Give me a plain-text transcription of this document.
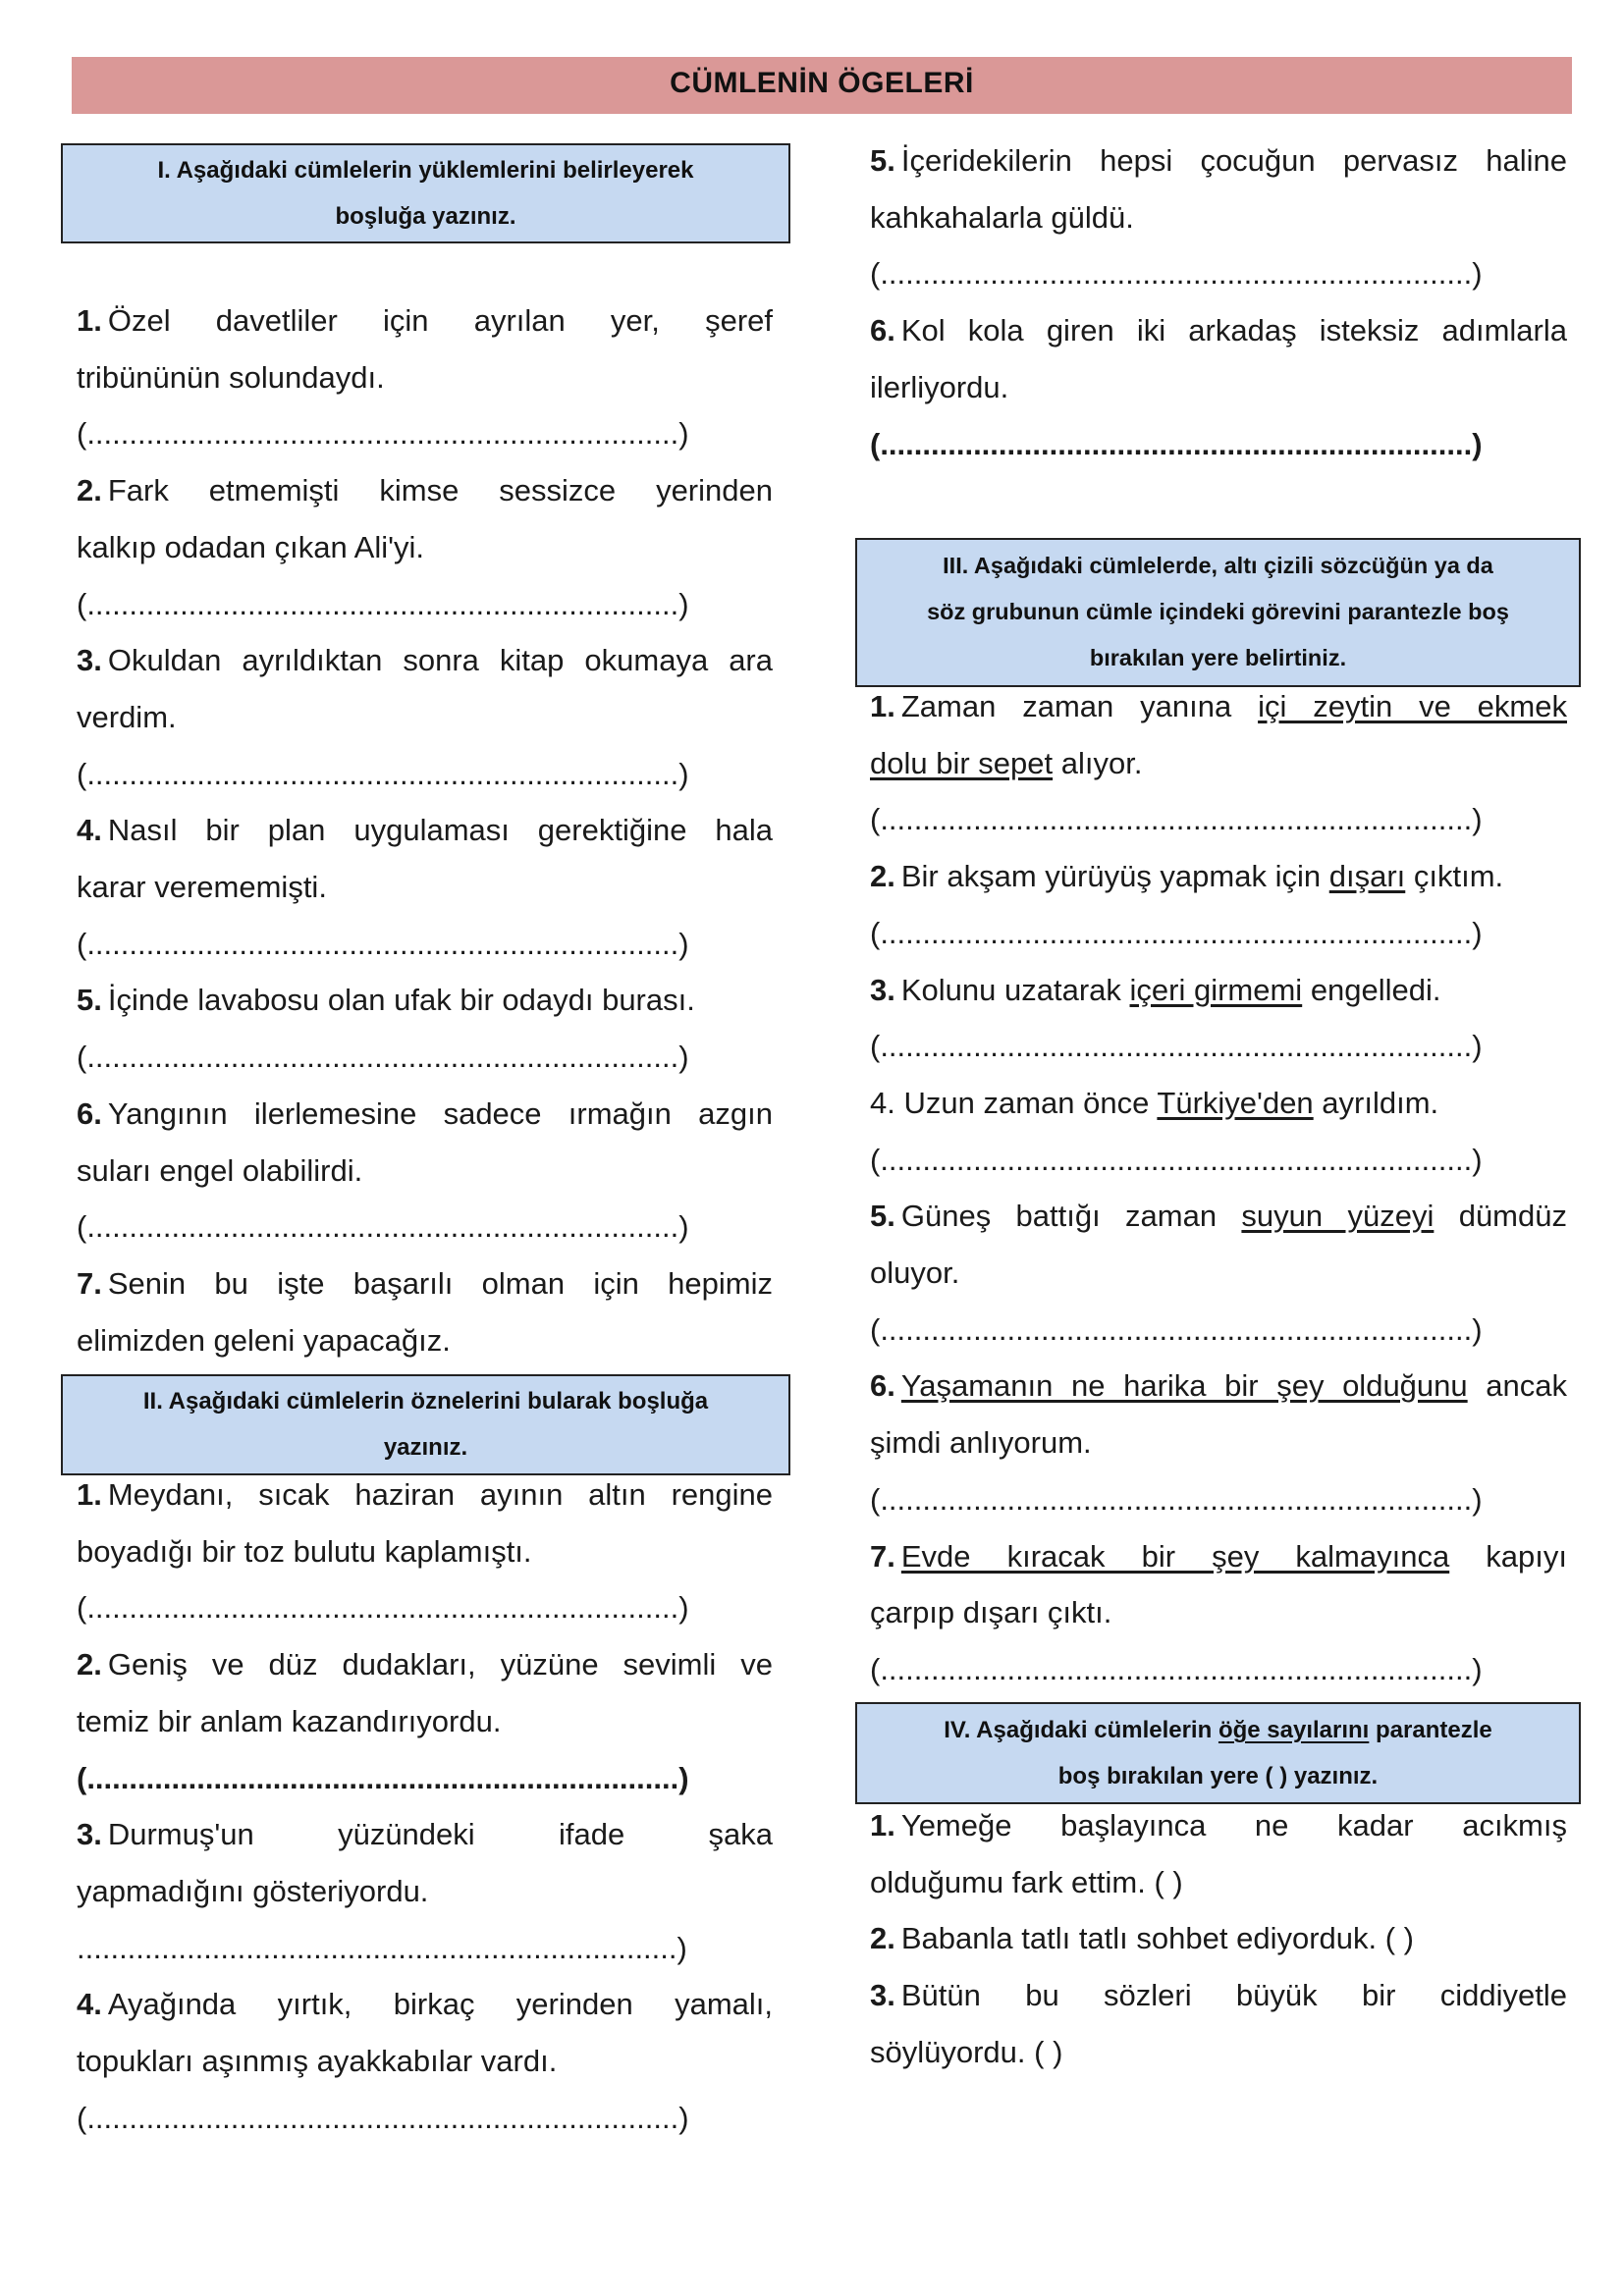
CÜMLENİN ÖGELERİ
I. Aşağıdaki cümlelerin yüklemlerini belirleyerek
boşluğa yazınız.

1. Özel davetliler için ayrılan yer, şeref

tribününün solundaydı.

(......................................................................)

2. Fark etmemişti kimse sessizce yerinden

kalkıp odadan çıkan Ali'yi.

(......................................................................)

3. Okuldan ayrıldıktan sonra kitap okumaya ara

verdim.

(......................................................................)

4. Nasıl bir plan uygulaması gerektiğine hala

karar verememişti.

(......................................................................)

5. İçinde lavabosu olan ufak bir odaydı burası.

(......................................................................)

6. Yangının ilerlemesine sadece ırmağın azgın

suları engel olabilirdi.

(......................................................................)

7. Senin bu işte başarılı olman için hepimiz

elimizden geleni yapacağız.

II. Aşağıdaki cümlelerin öznelerini bularak boşluğa
yazınız.

1. Meydanı, sıcak haziran ayının altın rengine

boyadığı bir toz bulutu kaplamıştı.

(......................................................................)

2. Geniş ve düz dudakları, yüzüne sevimli ve

temiz bir anlam kazandırıyordu.

(......................................................................)

3. Durmuş'un yüzündeki ifade şaka

yapmadığını gösteriyordu.

.......................................................................)

4. Ayağında yırtık, birkaç yerinden yamalı,

topukları aşınmış ayakkabılar vardı.

(......................................................................)

5. İçeridekilerin hepsi çocuğun pervasız haline

kahkahalarla güldü.

(......................................................................)

6. Kol kola giren iki arkadaş isteksiz adımlarla

ilerliyordu.

(......................................................................)

III. Aşağıdaki cümlelerde, altı çizili sözcüğün ya da
söz grubunun cümle içindeki görevini parantezle boş
bırakılan yere belirtiniz.

1. Zaman zaman yanına içi zeytin ve ekmek

dolu bir sepet alıyor.

(......................................................................)

2. Bir akşam yürüyüş yapmak için dışarı çıktım.

(......................................................................)

3. Kolunu uzatarak içeri girmemi engelledi.

(......................................................................)

4. Uzun zaman önce Türkiye'den ayrıldım.

(......................................................................)

5. Güneş battığı zaman suyun yüzeyi dümdüz

oluyor.

(......................................................................)

6. Yaşamanın ne harika bir şey olduğunu ancak

şimdi anlıyorum.

(......................................................................)

7. Evde kıracak bir şey kalmayınca kapıyı

çarpıp dışarı çıktı.

(......................................................................)

IV. Aşağıdaki cümlelerin öğe sayılarını parantezle
boş bırakılan yere ( ) yazınız.

1. Yemeğe başlayınca ne kadar acıkmış

olduğumu fark ettim. ( )

2. Babanla tatlı tatlı sohbet ediyorduk. ( )

3. Bütün bu sözleri büyük bir ciddiyetle

söylüyordu. ( )
